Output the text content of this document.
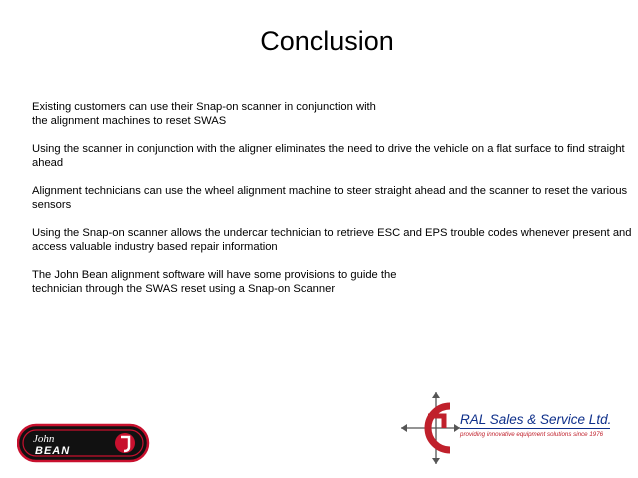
Conclusion

Existing customers can use their Snap-on scanner in conjunction with
the alignment machines to reset SWAS

Using the scanner in conjunction with the aligner eliminates the need to drive the vehicle on a flat surface to find straight ahead

Alignment technicians can use the wheel alignment machine to steer straight ahead and the scanner to reset the various
sensors

Using the Snap-on scanner allows the undercar technician to retrieve ESC and EPS trouble codes whenever present and
access valuable industry based repair information

The John Bean alignment software will have some provisions to guide the
technician through the SWAS reset using a Snap-on Scanner

John
BEAN
RAL Sales & Service Ltd.
providing innovative equipment solutions since 1976
